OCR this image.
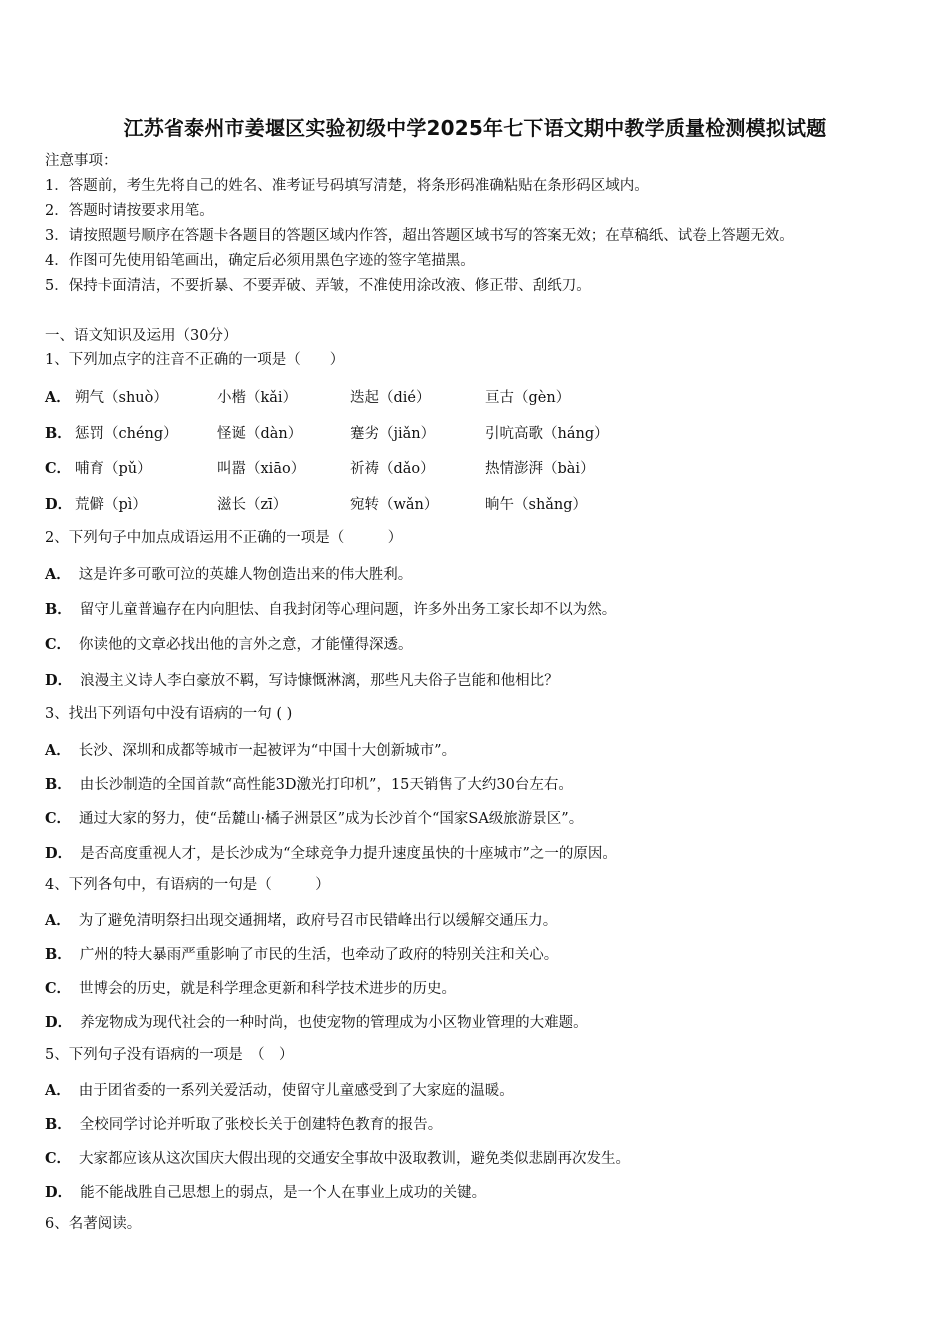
江苏省泰州市姜堰区实验初级中学2025年七下语文期中教学质量检测模拟试题
注意事项：
1．答题前，考生先将自己的姓名、准考证号码填写清楚，将条形码准确粘贴在条形码区域内。
2．答题时请按要求用笔。
3．请按照题号顺序在答题卡各题目的答题区域内作答，超出答题区域书写的答案无效；在草稿纸、试卷上答题无效。
4．作图可先使用铅笔画出，确定后必须用黑色字迹的签字笔描黑。
5．保持卡面清洁，不要折暴、不要弄破、弄皱，不准使用涂改液、修正带、刮纸刀。
一、语文知识及运用（30分）
1、下列加点字的注音不正确的一项是（　　）
A． 朔气（shuò）	小楷（kǎi）	迭起（dié）	亘古（gèn）
B． 惩罚（chéng）	怪诞（dàn）	蹇劣（jiǎn）	引吭高歌（háng）
C． 哺育（pǔ）	叫嚣（xiāo）	祈祷（dǎo）	热情澎湃（bài）
D． 荒僻（pì）	滋长（zī）	宛转（wǎn）	晌午（shǎng）
2、下列句子中加点成语运用不正确的一项是（　　　）
A． 这是许多可歌可泣的英雄人物创造出来的伟大胜利。
B． 留守儿童普遍存在内向胆怯、自我封闭等心理问题，许多外出务工家长却不以为然。
C． 你读他的文章必找出他的言外之意，才能懂得深透。
D． 浪漫主义诗人李白豪放不羁，写诗慷慨淋漓，那些凡夫俗子岂能和他相比？
3、找出下列语句中没有语病的一句 ( )
A． 长沙、深圳和成都等城市一起被评为“中国十大创新城市”。
B． 由长沙制造的全国首款“高性能3D激光打印机”，15天销售了大约30台左右。
C． 通过大家的努力，使“岳麓山·橘子洲景区”成为长沙首个“国家SA级旅游景区”。
D． 是否高度重视人才，是长沙成为“全球竞争力提升速度虽快的十座城市”之一的原因。
4、下列各句中，有语病的一句是（　　　）
A． 为了避免清明祭扫出现交通拥堵，政府号召市民错峰出行以缓解交通压力。
B． 广州的特大暴雨严重影响了市民的生活，也牵动了政府的特别关注和关心。
C． 世博会的历史，就是科学理念更新和科学技术进步的历史。
D． 养宠物成为现代社会的一种时尚，也使宠物的管理成为小区物业管理的大难题。
5、下列句子没有语病的一项是　（　）
A． 由于团省委的一系列关爱活动，使留守儿童感受到了大家庭的温暖。
B． 全校同学讨论并听取了张校长关于创建特色教育的报告。
C． 大家都应该从这次国庆大假出现的交通安全事故中汲取教训，避免类似悲剧再次发生。
D． 能不能战胜自己思想上的弱点，是一个人在事业上成功的关键。
6、名著阅读。
